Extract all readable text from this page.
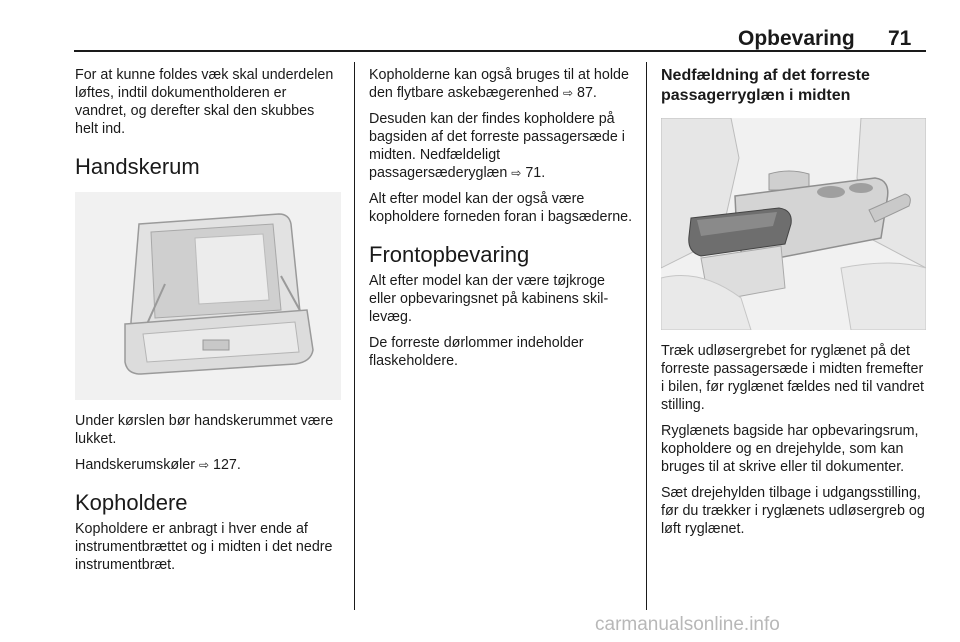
Opbevaring 71

For at kunne foldes væk skal underdelen løftes, indtil dokumentholderen er vandret, og derefter skal den skubbes helt ind.

Handskerum

Under kørslen bør handskerummet være lukket.

Handskerumskøler ⇨ 127.

Kopholdere

Kopholdere er anbragt i hver ende af instrumentbrættet og i midten i det nedre instrumentbræt.

Kopholderne kan også bruges til at holde den flytbare askebægerenhed ⇨ 87.

Desuden kan der findes kopholdere på bagsiden af det forreste passagersæde i midten. Nedfældeligt passagersæderyglæn ⇨ 71.

Alt efter model kan der også være kopholdere forneden foran i bagsæderne.

Frontopbevaring

Alt efter model kan der være tøjkroge eller opbevaringsnet på kabinens skillevæg.

De forreste dørlommer indeholder flaskeholdere.

Nedfældning af det forreste passagerryglæn i midten

Træk udløsergrebet for ryglænet på det forreste passagersæde i midten fremefter i bilen, før ryglænet fældes ned til vandret stilling.

Ryglænets bagside har opbevaringsrum, kopholdere og en drejehylde, som kan bruges til at skrive eller til dokumenter.

Sæt drejehylden tilbage i udgangsstilling, før du trækker i ryglænets udløsergreb og løft ryglænet.

carmanualsonline.info
